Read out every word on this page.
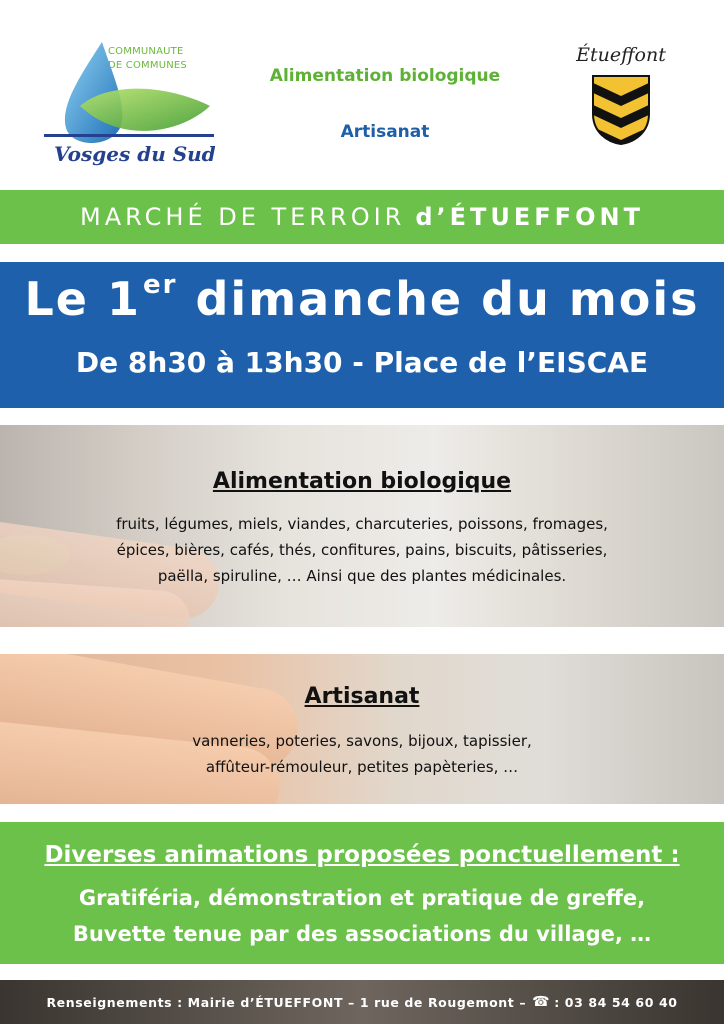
COMMUNAUTE
DE COMMUNES
Vosges du Sud
Alimentation biologique
Artisanat
Étueffont
MARCHÉ DE TERROIR d’ÉTUEFFONT
Le 1er dimanche du mois
De 8h30 à 13h30 - Place de l’EISCAE
Alimentation biologique
fruits, légumes, miels, viandes, charcuteries, poissons, fromages,
épices, bières, cafés, thés, confitures, pains, biscuits, pâtisseries,
paëlla, spiruline, … Ainsi que des plantes médicinales.
Artisanat
vanneries, poteries, savons, bijoux, tapissier,
affûteur-rémouleur, petites papèteries, …
Diverses animations proposées ponctuellement :
Gratiféria, démonstration et pratique de greffe,
Buvette tenue par des associations du village, …
Renseignements : Mairie d’ÉTUEFFONT – 1 rue de Rougemont – ☎ : 03 84 54 60 40
